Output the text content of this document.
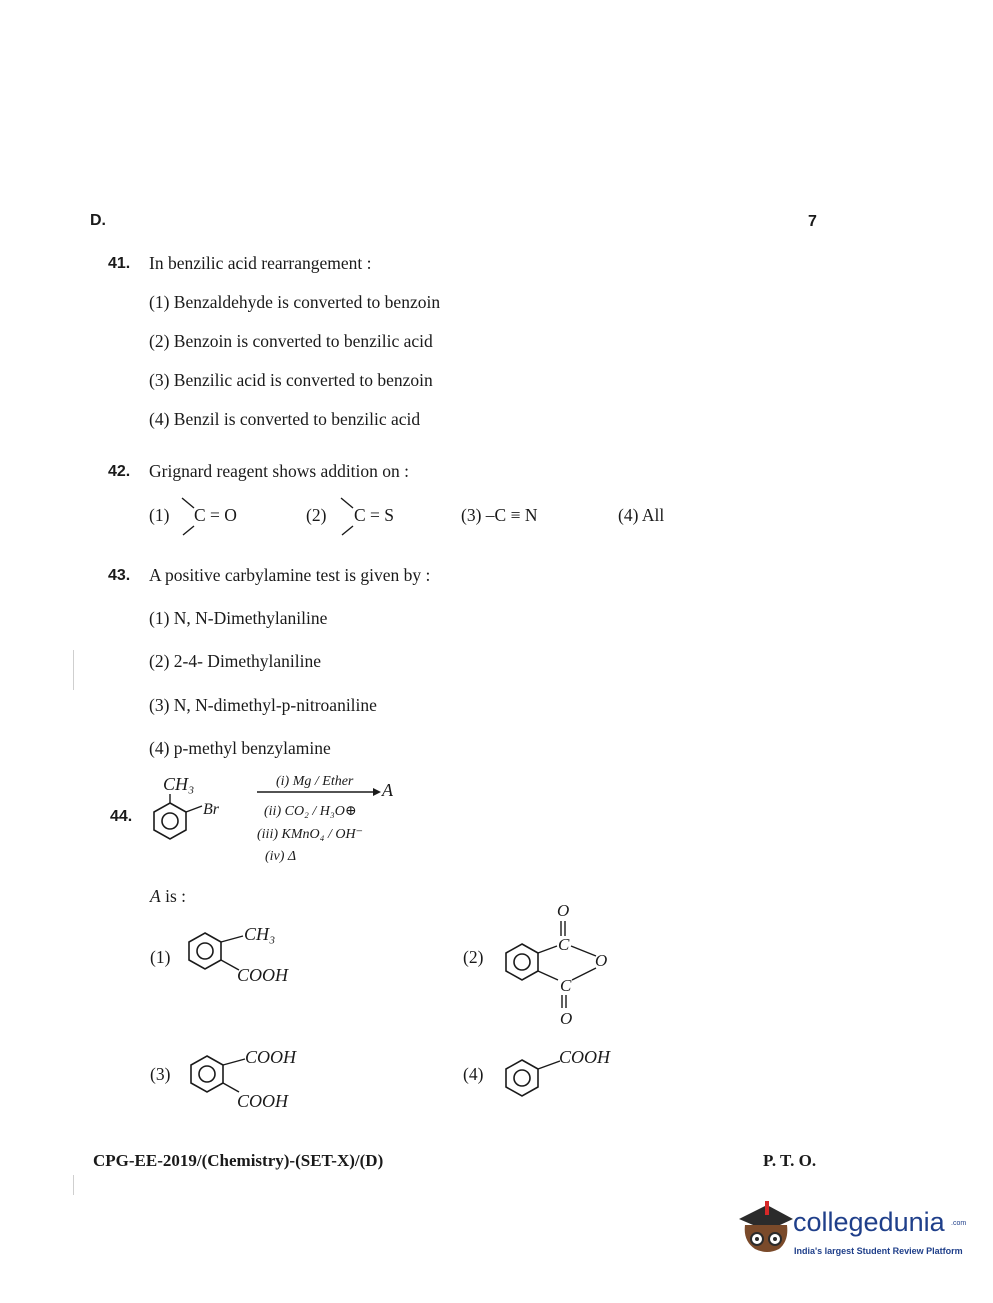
D.	7
41. In benzilic acid rearrangement :
(1) Benzaldehyde is converted to benzoin
(2) Benzoin is converted to benzilic acid
(3) Benzilic acid is converted to benzoin
(4) Benzil is converted to benzilic acid
42. Grignard reagent shows addition on :
(1) C = O	(2) C = S	(3) –C ≡ N	(4) All
43. A positive carbylamine test is given by :
(1) N, N-Dimethylaniline
(2) 2-4- Dimethylaniline
(3) N, N-dimethyl-p-nitroaniline
(4) p-methyl benzylamine
44.
CH₃
Br
(i) Mg / Ether A
(ii) CO₂ / H₃O⊕
(iii) KMnO₄ / OH⁻
(iv) Δ
A is :
(1)
CH₃
COOH
(2)
O
C
O
C
O
(3)
COOH
COOH
(4)
COOH
CPG-EE-2019/(Chemistry)-(SET-X)/(D)	P. T. O.
collegedunia .com
India's largest Student Review Platform
